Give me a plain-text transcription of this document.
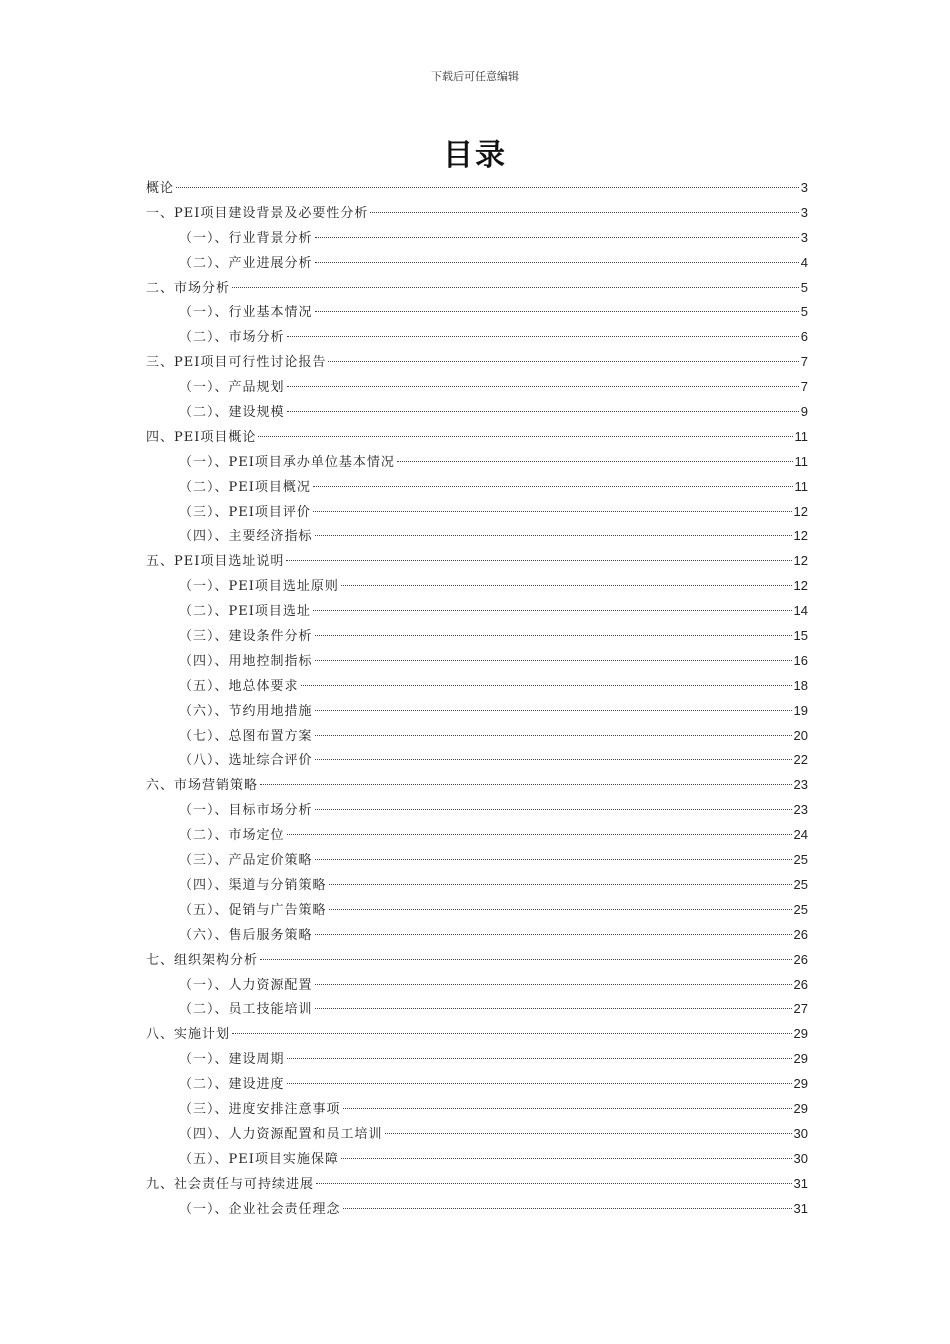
下载后可任意编辑
目录
概论	3
一、PEI项目建设背景及必要性分析	3
（一）、行业背景分析	3
（二）、产业进展分析	4
二、市场分析	5
（一）、行业基本情况	5
（二）、市场分析	6
三、PEI项目可行性讨论报告	7
（一）、产品规划	7
（二）、建设规模	9
四、PEI项目概论	11
（一）、PEI项目承办单位基本情况	11
（二）、PEI项目概况	11
（三）、PEI项目评价	12
（四）、主要经济指标	12
五、PEI项目选址说明	12
（一）、PEI项目选址原则	12
（二）、PEI项目选址	14
（三）、建设条件分析	15
（四）、用地控制指标	16
（五）、地总体要求	18
（六）、节约用地措施	19
（七）、总图布置方案	20
（八）、选址综合评价	22
六、市场营销策略	23
（一）、目标市场分析	23
（二）、市场定位	24
（三）、产品定价策略	25
（四）、渠道与分销策略	25
（五）、促销与广告策略	25
（六）、售后服务策略	26
七、组织架构分析	26
（一）、人力资源配置	26
（二）、员工技能培训	27
八、实施计划	29
（一）、建设周期	29
（二）、建设进度	29
（三）、进度安排注意事项	29
（四）、人力资源配置和员工培训	30
（五）、PEI项目实施保障	30
九、社会责任与可持续进展	31
（一）、企业社会责任理念	31
